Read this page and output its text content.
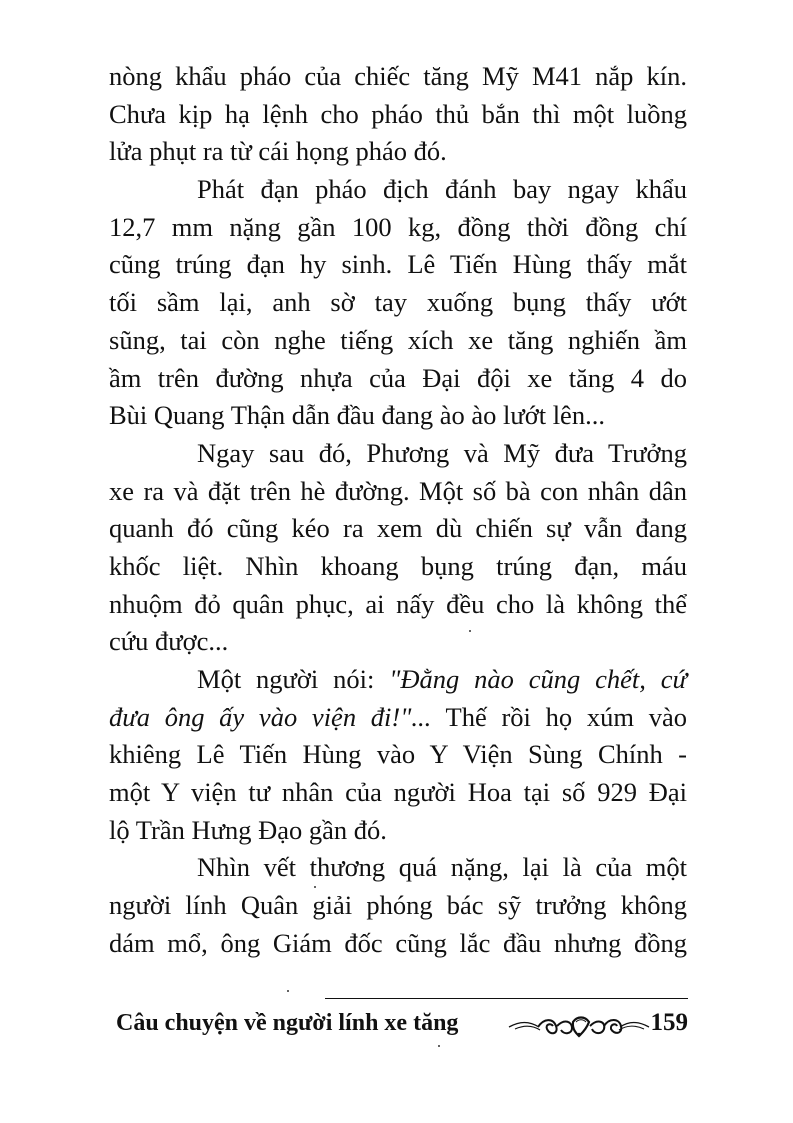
nòng khẩu pháo của chiếc tăng Mỹ M41 nắp kín.
Chưa kịp hạ lệnh cho pháo thủ bắn thì một luồng
lửa phụt ra từ cái họng pháo đó.
Phát đạn pháo địch đánh bay ngay khẩu
12,7 mm nặng gần 100 kg, đồng thời đồng chí
cũng trúng đạn hy sinh. Lê Tiến Hùng thấy mắt
tối sầm lại, anh sờ tay xuống bụng thấy ướt
sũng, tai còn nghe tiếng xích xe tăng nghiến ầm
ầm trên đường nhựa của Đại đội xe tăng 4 do
Bùi Quang Thận dẫn đầu đang ào ào lướt lên...
Ngay sau đó, Phương và Mỹ đưa Trưởng
xe ra và đặt trên hè đường. Một số bà con nhân dân
quanh đó cũng kéo ra xem dù chiến sự vẫn đang
khốc liệt. Nhìn khoang bụng trúng đạn, máu
nhuộm đỏ quân phục, ai nấy đều cho là không thể
cứu được...
Một người nói: "Đằng nào cũng chết, cứ
đưa ông ấy vào viện đi!"... Thế rồi họ xúm vào
khiêng Lê Tiến Hùng vào Y Viện Sùng Chính -
một Y viện tư nhân của người Hoa tại số 929 Đại
lộ Trần Hưng Đạo gần đó.
Nhìn vết thương quá nặng, lại là của một
người lính Quân giải phóng bác sỹ trưởng không
dám mổ, ông Giám đốc cũng lắc đầu nhưng đồng
Câu chuyện về người lính xe tăng	159
